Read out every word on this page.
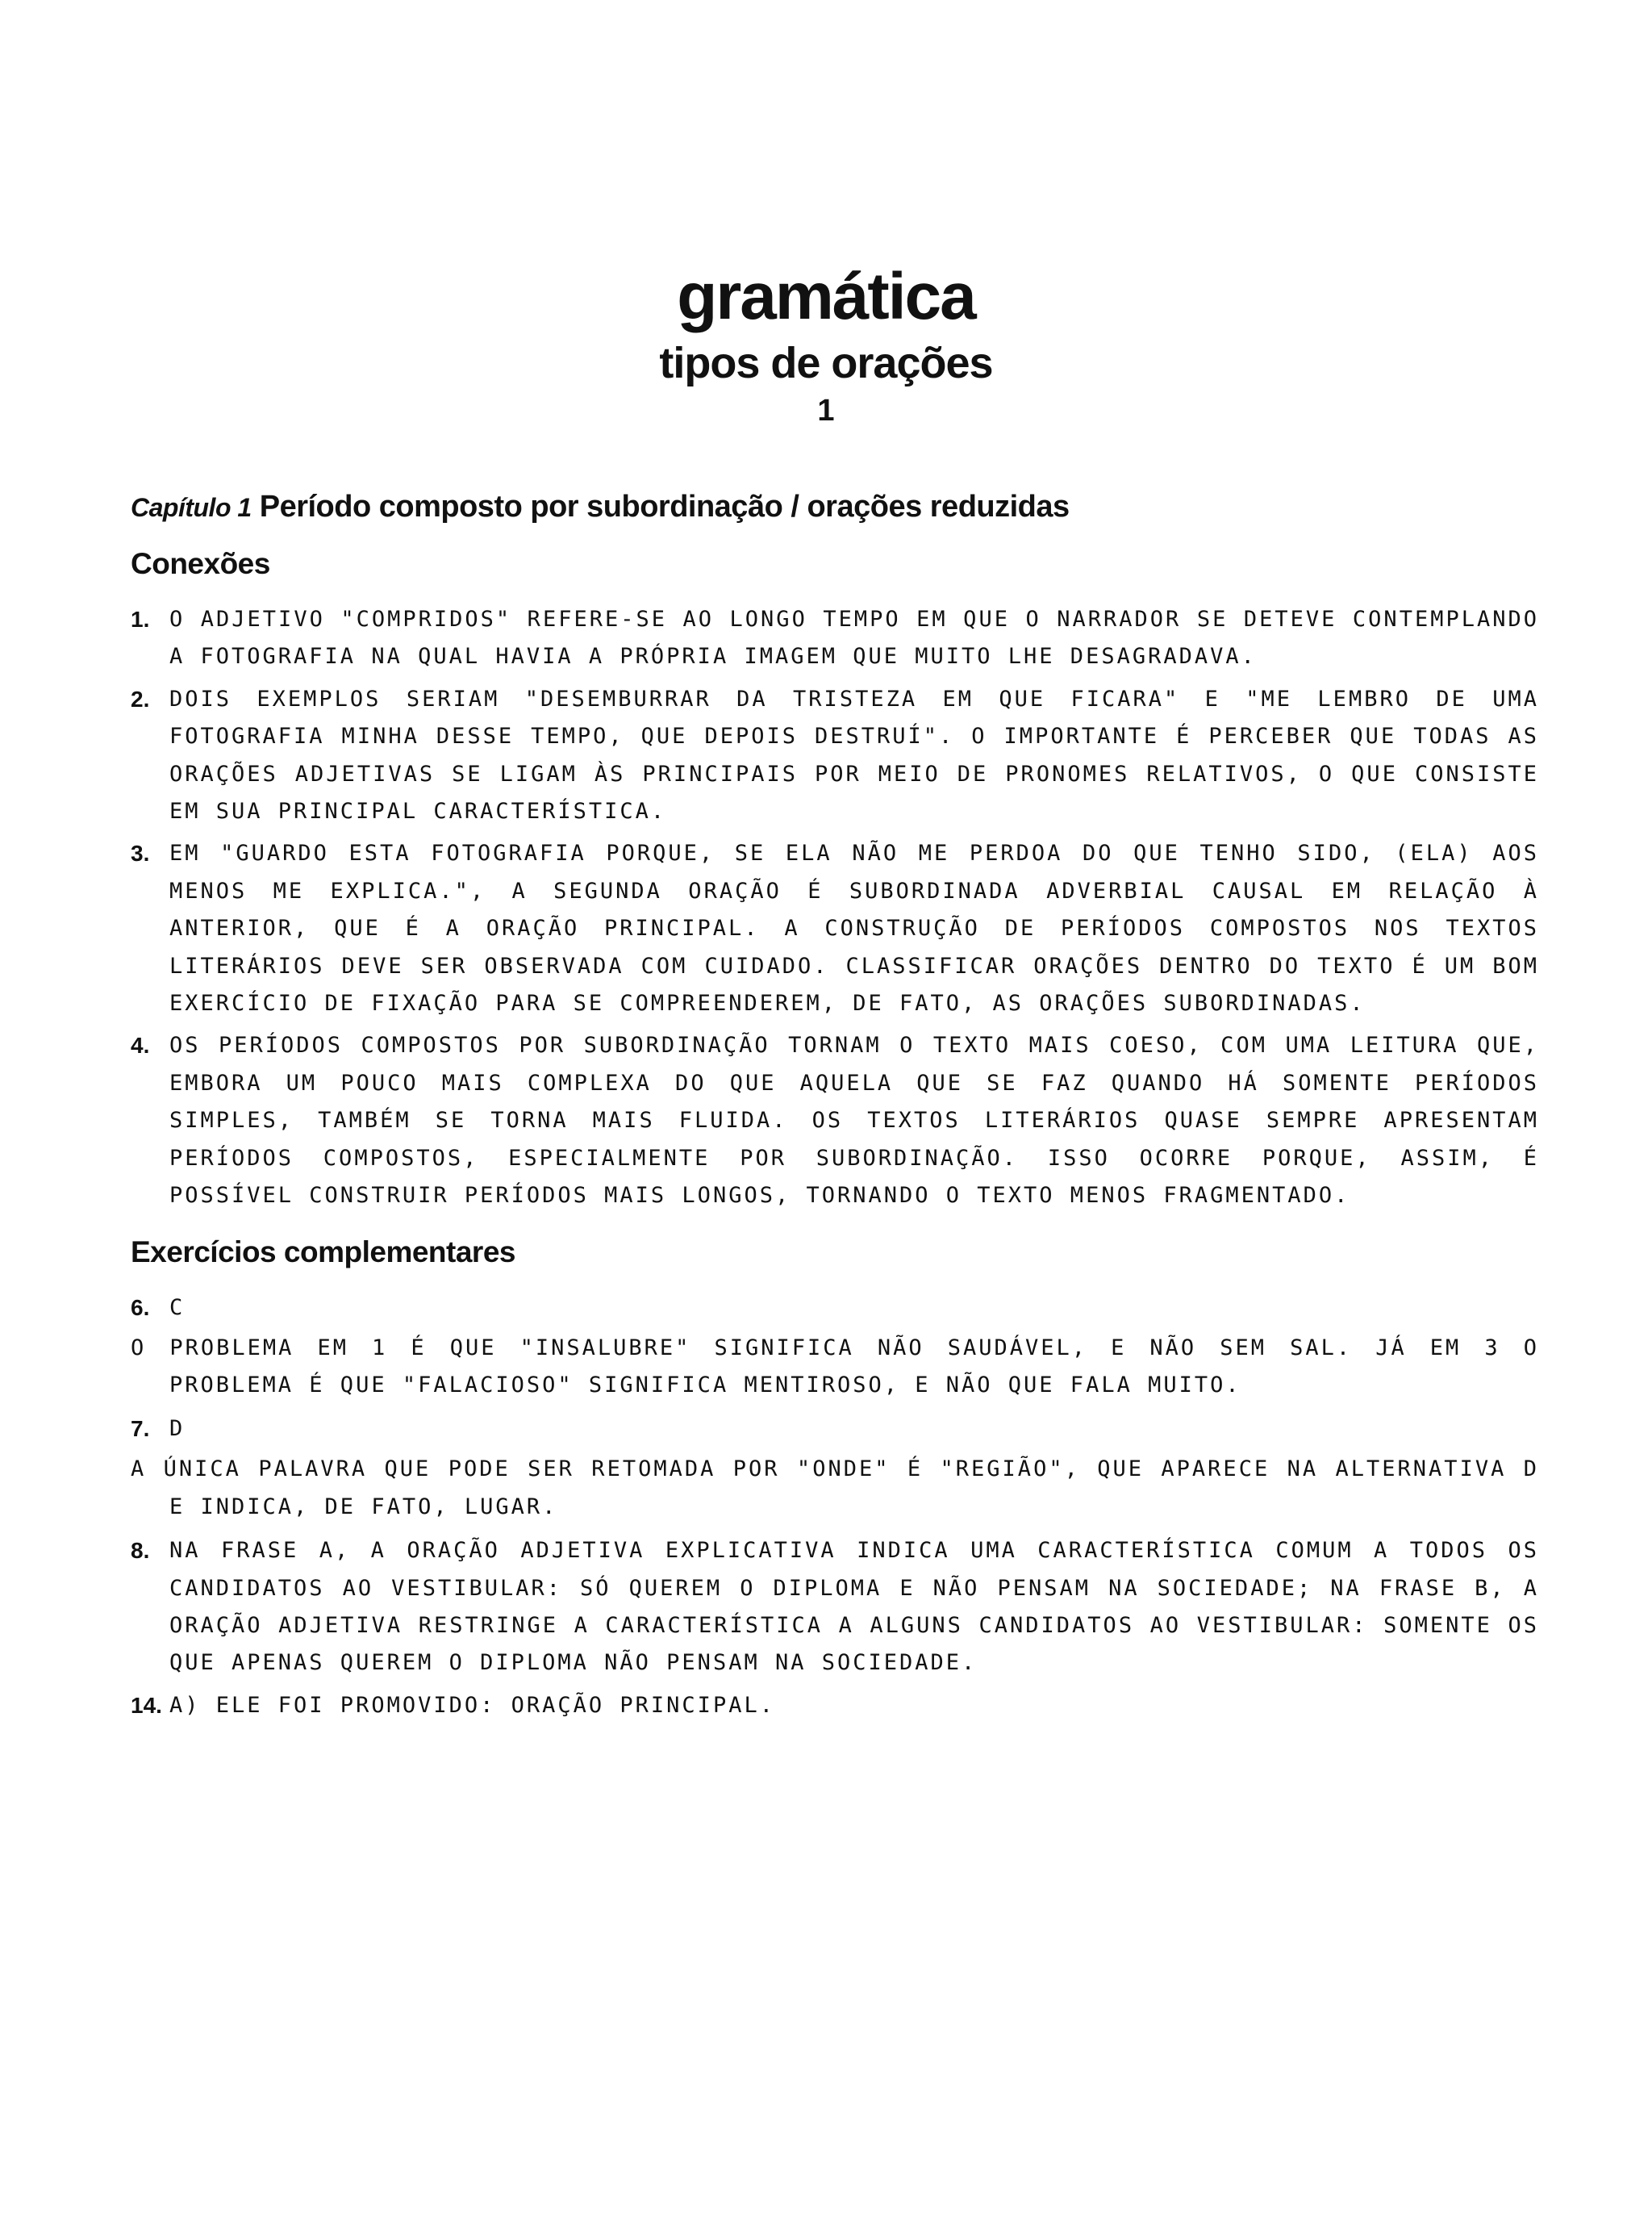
gramática
tipos de orações
1
Capítulo 1 Período composto por subordinação / orações reduzidas
Conexões
1. O ADJETIVO "COMPRIDOS" REFERE-SE AO LONGO TEMPO EM QUE O NARRADOR SE DETEVE CONTEMPLANDO A FOTOGRAFIA NA QUAL HAVIA A PRÓPRIA IMAGEM QUE MUITO LHE DESAGRADAVA.
2. DOIS EXEMPLOS SERIAM "DESEMBURRAR DA TRISTEZA EM QUE FICARA" E "ME LEMBRO DE UMA FOTOGRAFIA MINHA DESSE TEMPO, QUE DEPOIS DESTRUÍ". O IMPORTANTE É PERCEBER QUE TODAS AS ORAÇÕES ADJETIVAS SE LIGAM ÀS PRINCIPAIS POR MEIO DE PRONOMES RELATIVOS, O QUE CONSISTE EM SUA PRINCIPAL CARACTERÍSTICA.
3. EM "GUARDO ESTA FOTOGRAFIA PORQUE, SE ELA NÃO ME PERDOA DO QUE TENHO SIDO, (ELA) AOS MENOS ME EXPLICA.", A SEGUNDA ORAÇÃO É SUBORDINADA ADVERBIAL CAUSAL EM RELAÇÃO À ANTERIOR, QUE É A ORAÇÃO PRINCIPAL. A CONSTRUÇÃO DE PERÍODOS COMPOSTOS NOS TEXTOS LITERÁRIOS DEVE SER OBSERVADA COM CUIDADO. CLASSIFICAR ORAÇÕES DENTRO DO TEXTO É UM BOM EXERCÍCIO DE FIXAÇÃO PARA SE COMPREENDEREM, DE FATO, AS ORAÇÕES SUBORDINADAS.
4. OS PERÍODOS COMPOSTOS POR SUBORDINAÇÃO TORNAM O TEXTO MAIS COESO, COM UMA LEITURA QUE, EMBORA UM POUCO MAIS COMPLEXA DO QUE AQUELA QUE SE FAZ QUANDO HÁ SOMENTE PERÍODOS SIMPLES, TAMBÉM SE TORNA MAIS FLUIDA. OS TEXTOS LITERÁRIOS QUASE SEMPRE APRESENTAM PERÍODOS COMPOSTOS, ESPECIALMENTE POR SUBORDINAÇÃO. ISSO OCORRE PORQUE, ASSIM, É POSSÍVEL CONSTRUIR PERÍODOS MAIS LONGOS, TORNANDO O TEXTO MENOS FRAGMENTADO.
Exercícios complementares
6. C
O PROBLEMA EM 1 É QUE "INSALUBRE" SIGNIFICA NÃO SAUDÁVEL, E NÃO SEM SAL. JÁ EM 3 O PROBLEMA É QUE "FALACIOSO" SIGNIFICA MENTIROSO, E NÃO QUE FALA MUITO.
7. D
A ÚNICA PALAVRA QUE PODE SER RETOMADA POR "ONDE" É "REGIÃO", QUE APARECE NA ALTERNATIVA D E INDICA, DE FATO, LUGAR.
8. NA FRASE A, A ORAÇÃO ADJETIVA EXPLICATIVA INDICA UMA CARACTERÍSTICA COMUM A TODOS OS CANDIDATOS AO VESTIBULAR: SÓ QUEREM O DIPLOMA E NÃO PENSAM NA SOCIEDADE; NA FRASE B, A ORAÇÃO ADJETIVA RESTRINGE A CARACTERÍSTICA A ALGUNS CANDIDATOS AO VESTIBULAR: SOMENTE OS QUE APENAS QUEREM O DIPLOMA NÃO PENSAM NA SOCIEDADE.
14. A) ELE FOI PROMOVIDO: ORAÇÃO PRINCIPAL.
